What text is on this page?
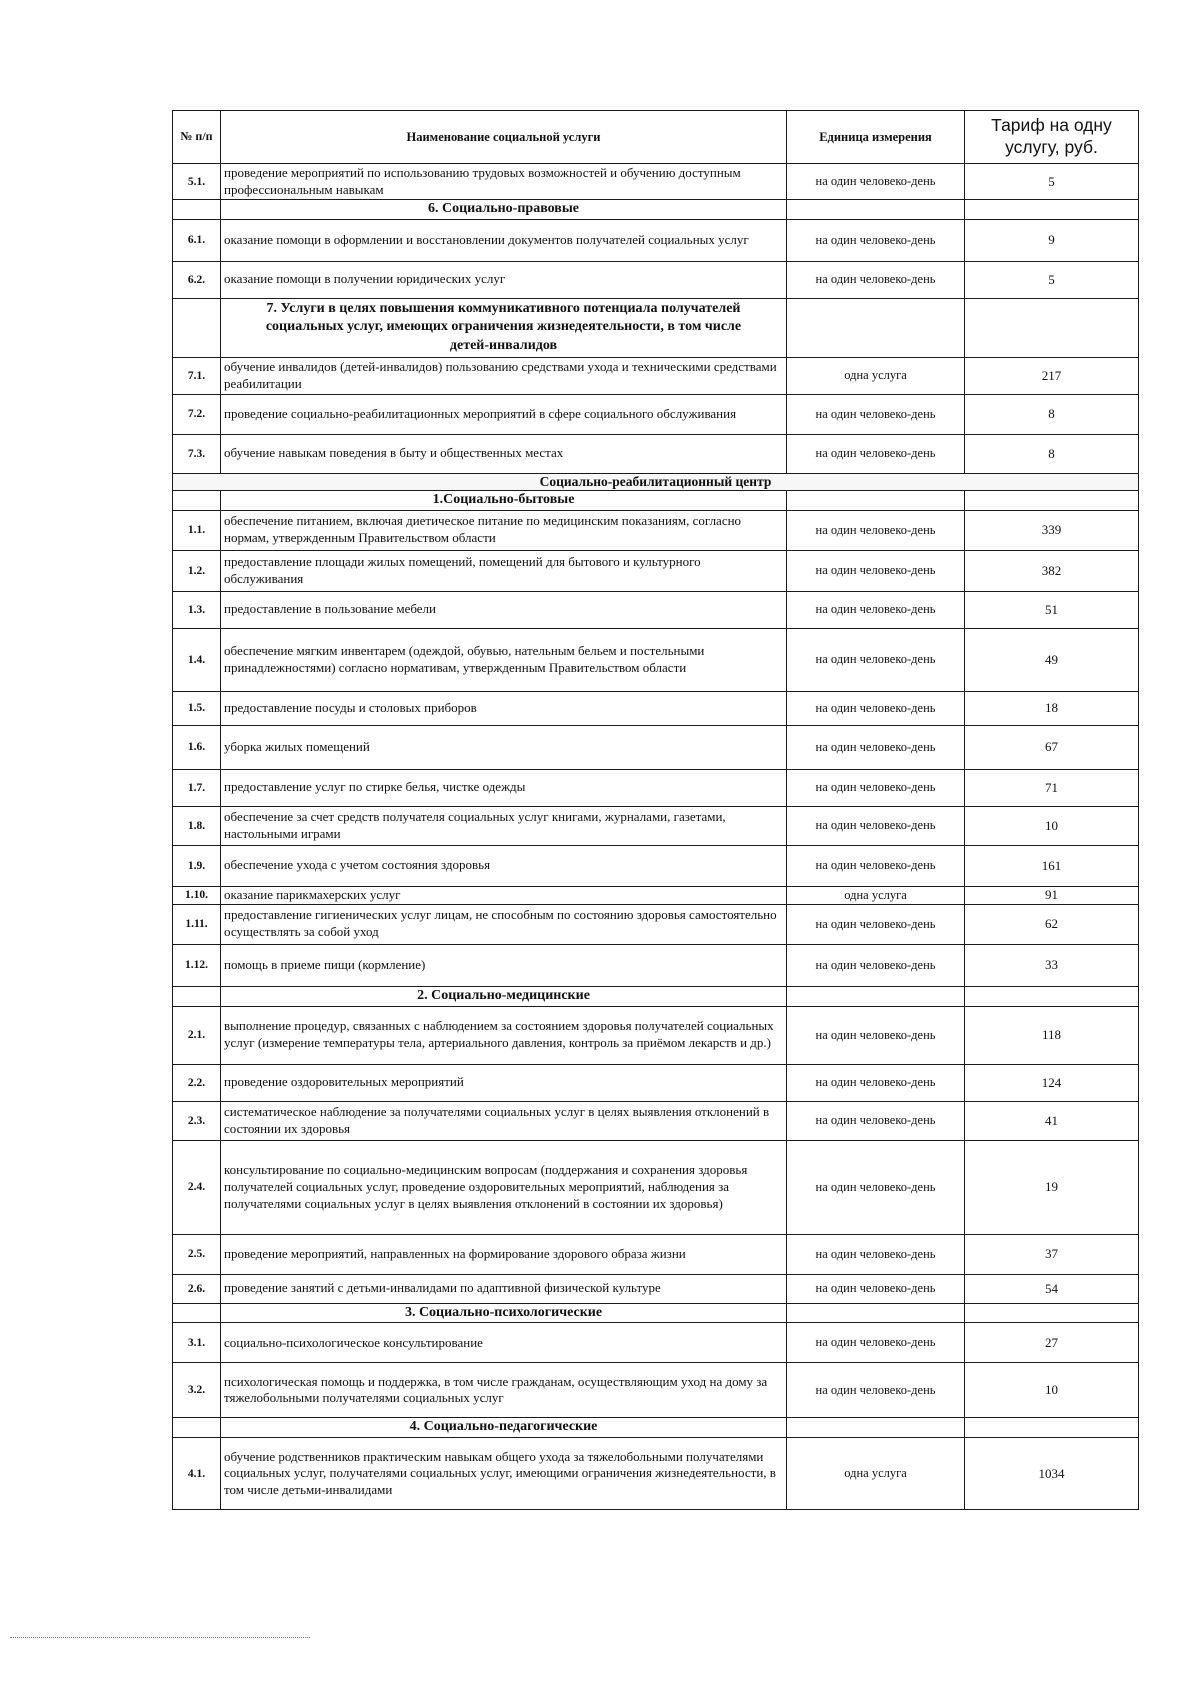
№ п/п	Наименование социальной услуги	Единица измерения	Тариф на одну услугу, руб.
5.1.	проведение мероприятий по использованию трудовых возможностей и обучению доступным профессиональным навыкам	на один человеко-день	5
	6. Социально-правовые		
6.1.	оказание помощи в оформлении и восстановлении документов получателей социальных услуг	на один человеко-день	9
6.2.	оказание помощи в получении юридических услуг	на один человеко-день	5
	7. Услуги в целях повышения коммуникативного потенциала получателей социальных услуг, имеющих ограничения жизнедеятельности, в том числе детей-инвалидов		
7.1.	обучение инвалидов (детей-инвалидов) пользованию средствами ухода и техническими средствами реабилитации	одна услуга	217
7.2.	проведение социально-реабилитационных мероприятий в сфере социального обслуживания	на один человеко-день	8
7.3.	обучение навыкам поведения в быту и общественных местах	на один человеко-день	8
Социально-реабилитационный центр			
	1.Социально-бытовые		
1.1.	обеспечение питанием, включая диетическое питание по медицинским показаниям, согласно нормам, утвержденным Правительством области	на один человеко-день	339
1.2.	предоставление площади жилых помещений, помещений для бытового и культурного обслуживания	на один человеко-день	382
1.3.	предоставление в пользование мебели	на один человеко-день	51
1.4.	обеспечение мягким инвентарем (одеждой, обувью, нательным бельем и постельными принадлежностями) согласно нормативам, утвержденным Правительством области	на один человеко-день	49
1.5.	предоставление посуды и столовых приборов	на один человеко-день	18
1.6.	уборка жилых помещений	на один человеко-день	67
1.7.	предоставление услуг по стирке белья, чистке одежды	на один человеко-день	71
1.8.	обеспечение за счет средств получателя социальных услуг книгами, журналами, газетами, настольными играми	на один человеко-день	10
1.9.	обеспечение ухода с учетом состояния здоровья	на один человеко-день	161
1.10.	оказание парикмахерских услуг	одна услуга	91
1.11.	предоставление гигиенических услуг лицам, не способным по состоянию здоровья самостоятельно осуществлять за собой уход	на один человеко-день	62
1.12.	помощь в приеме пищи (кормление)	на один человеко-день	33
	2. Социально-медицинские		
2.1.	выполнение процедур, связанных с наблюдением за состоянием здоровья получателей социальных услуг (измерение температуры тела, артериального давления, контроль за приёмом лекарств и др.)	на один человеко-день	118
2.2.	проведение оздоровительных мероприятий	на один человеко-день	124
2.3.	систематическое наблюдение за получателями социальных услуг в целях выявления отклонений в состоянии их здоровья	на один человеко-день	41
2.4.	консультирование по социально-медицинским вопросам (поддержания и сохранения здоровья получателей социальных услуг, проведение оздоровительных мероприятий, наблюдения за получателями социальных услуг в целях выявления отклонений в состоянии их здоровья)	на один человеко-день	19
2.5.	проведение мероприятий, направленных на формирование здорового образа жизни	на один человеко-день	37
2.6.	проведение занятий с детьми-инвалидами по адаптивной физической культуре	на один человеко-день	54
	3. Социально-психологические		
3.1.	социально-психологическое консультирование	на один человеко-день	27
3.2.	психологическая помощь и поддержка, в том числе гражданам, осуществляющим уход на дому за тяжелобольными получателями социальных услуг	на один человеко-день	10
	4. Социально-педагогические		
4.1.	обучение родственников практическим навыкам общего ухода за тяжелобольными получателями социальных услуг, получателями социальных услуг, имеющими ограничения жизнедеятельности, в том числе детьми-инвалидами	одна услуга	1034
